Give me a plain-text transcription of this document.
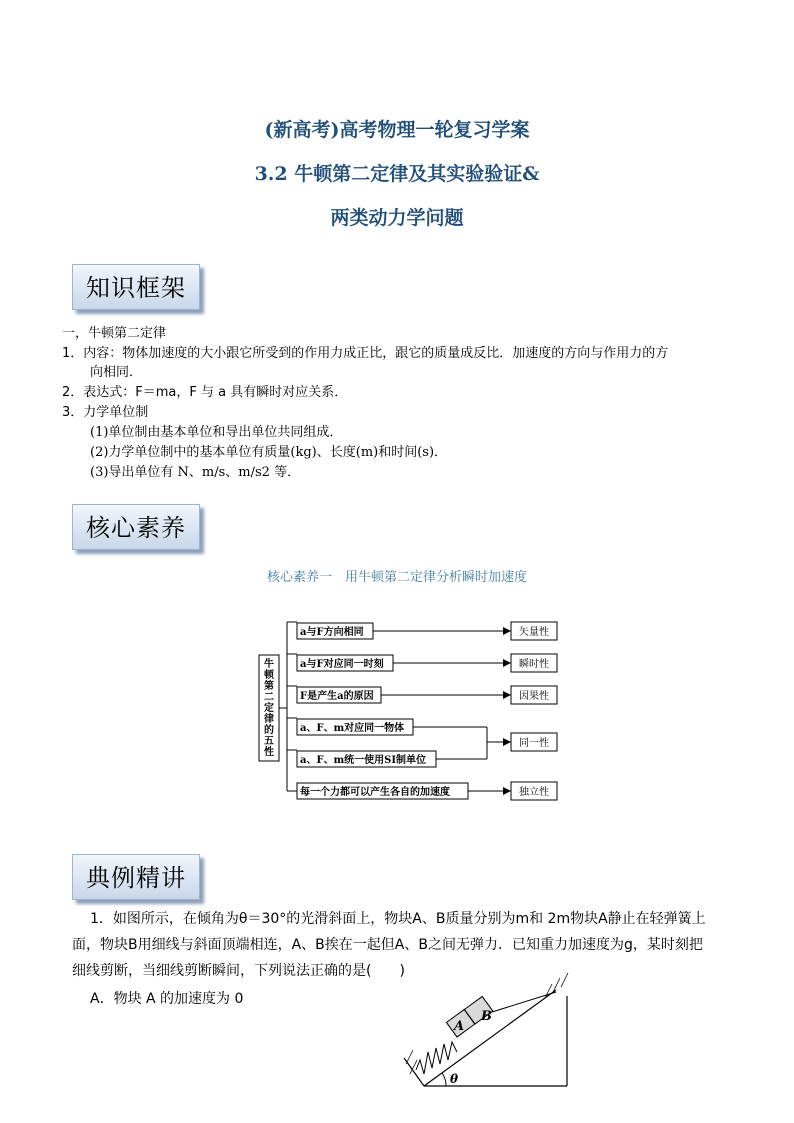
(新高考)高考物理一轮复习学案
3.2 牛顿第二定律及其实验验证&
两类动力学问题
知识框架
一，牛顿第二定律
1．内容：物体加速度的大小跟它所受到的作用力成正比，跟它的质量成反比．加速度的方向与作用力的方
向相同．
2．表达式：F＝ma，F 与 a 具有瞬时对应关系．
3．力学单位制
(1)单位制由基本单位和导出单位共同组成．
(2)力学单位制中的基本单位有质量(kg)、长度(m)和时间(s)．
(3)导出单位有 N、m/s、m/s2 等．
核心素养
核心素养一　用牛顿第二定律分析瞬时加速度
牛
顿
第
二
定
律
的
五
性
a与F方向相同
a与F对应同一时刻
F是产生a的原因
a、F、m对应同一物体
a、F、m统一使用SI制单位
每一个力都可以产生各自的加速度
矢量性
瞬时性
因果性
同一性
独立性
典例精讲
1．如图所示，在倾角为θ＝30°的光滑斜面上，物块A、B质量分别为m和 2m物块A静止在轻弹簧上
面，物块B用细线与斜面顶端相连，A、B挨在一起但A、B之间无弹力．已知重力加速度为g，某时刻把
细线剪断，当细线剪断瞬间，下列说法正确的是(　　)
A．物块 A 的加速度为 0
A
B
θ
